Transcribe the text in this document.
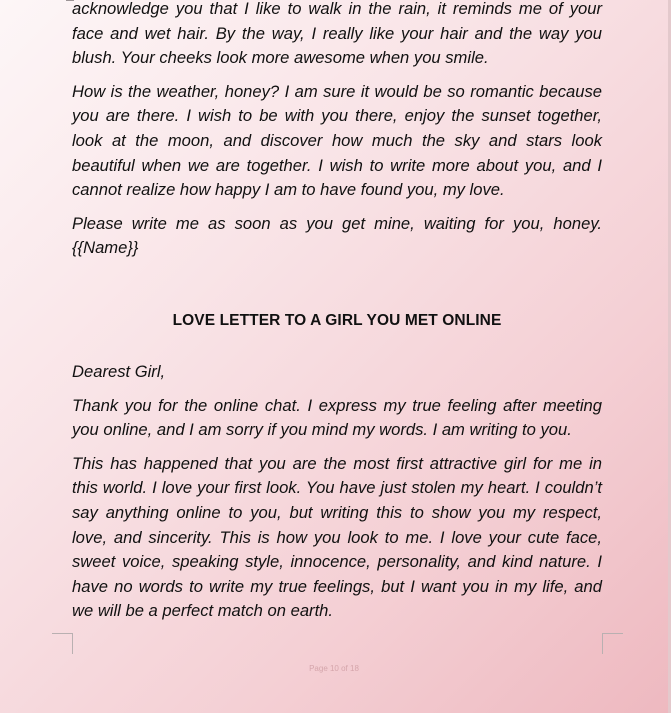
acknowledge you that I like to walk in the rain, it reminds me of your face and wet hair. By the way, I really like your hair and the way you blush. Your cheeks look more awesome when you smile.

How is the weather, honey? I am sure it would be so romantic because you are there. I wish to be with you there, enjoy the sunset together, look at the moon, and discover how much the sky and stars look beautiful when we are together. I wish to write more about you, and I cannot realize how happy I am to have found you, my love.

Please write me as soon as you get mine, waiting for you, honey. {{Name}}

LOVE LETTER TO A GIRL YOU MET ONLINE

Dearest Girl,

Thank you for the online chat. I express my true feeling after meeting you online, and I am sorry if you mind my words. I am writing to you.

This has happened that you are the most first attractive girl for me in this world. I love your first look. You have just stolen my heart. I couldn’t say anything online to you, but writing this to show you my respect, love, and sincerity. This is how you look to me. I love your cute face, sweet voice, speaking style, innocence, personality, and kind nature. I have no words to write my true feelings, but I want you in my life, and we will be a perfect match on earth.

Page 10 of 18
